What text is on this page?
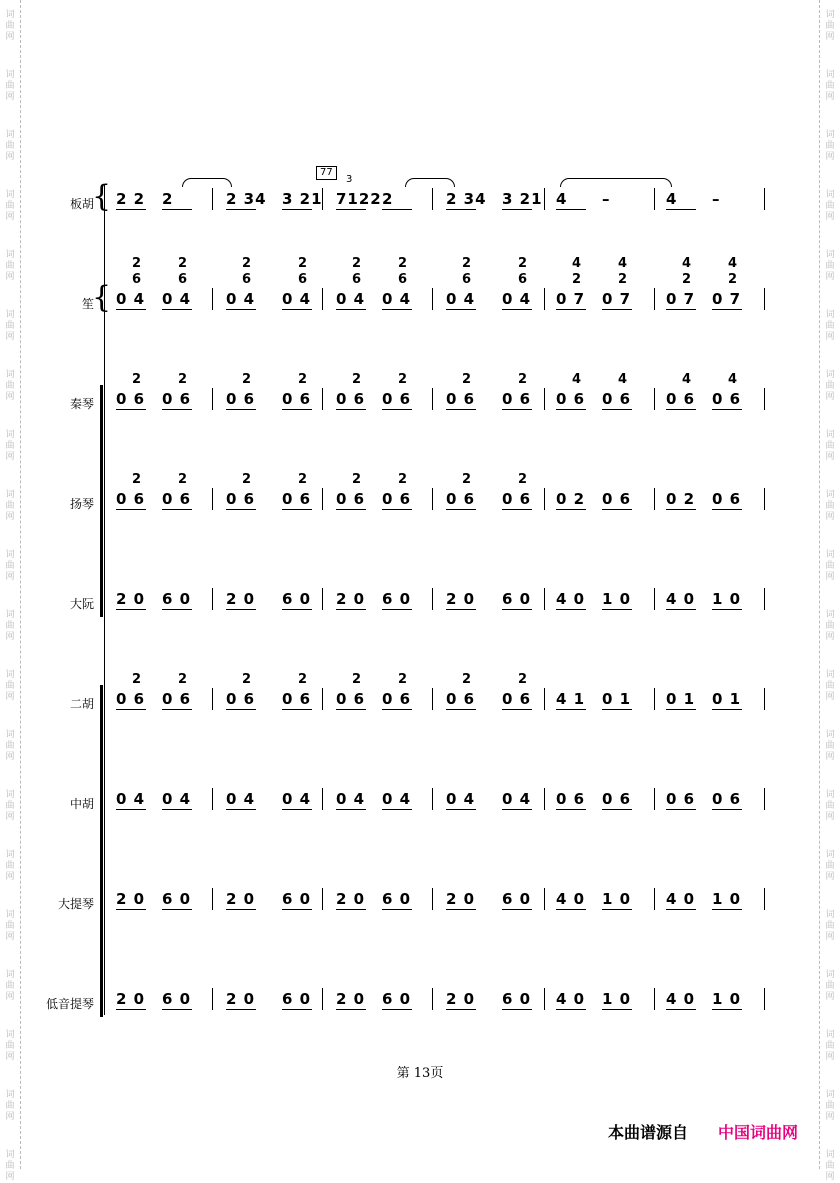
词
曲
网
词
曲
网
词
曲
网
词
曲
网
词
曲
网
词
曲
网
词
曲
网
词
曲
网
词
曲
网
词
曲
网
词
曲
网
词
曲
网
词
曲
网
词
曲
网
词
曲
网
词
曲
网
词
曲
网
词
曲
网
词
曲
网
词
曲
网
词
曲
网
词
曲
网
词
曲
网
词
曲
网
词
曲
网
词
曲
网
词
曲
网
词
曲
网
词
曲
网
词
曲
网
词
曲
网
词
曲
网
词
曲
网
词
曲
网
词
曲
网
词
曲
网
词
曲
网
词
曲
网
词
曲
网
词
曲
网
77
3
{
{
板胡 2 2 2	2 34 3 21 7122 2	2 34 3 21 4 –	4 –
笙 0 4 0 4 0 4 0 4 0 4 0 4 0 4 0 4 0 7 0 7 0 7 0 7
2
6
2
6
2
6
2
6
2
6
2
6
2
6
2
6
4
2
4
2
4
2
4
2
秦琴 0 6 0 6 0 6 0 6 0 6 0 6 0 6 0 6 0 6 0 6 0 6 0 6
2	2	2	2	2	2	2	2	4	4	4	4
扬琴 0 6 0 6 0 6 0 6 0 6 0 6 0 6 0 6 0 2 0 6 0 2 0 6
2	2	2	2	2	2	2	2
大阮 2 0 6 0 2 0 6 0 2 0 6 0 2 0 6 0 4 0 1 0 4 0 1 0
二胡 0 6 0 6 0 6 0 6 0 6 0 6 0 6 0 6 4 1 0 1 0 1 0 1
2	2	2	2	2	2	2	2
中胡 0 4 0 4 0 4 0 4 0 4 0 4 0 4 0 4 0 6 0 6 0 6 0 6
大提琴 2 0 6 0 2 0 6 0 2 0 6 0 2 0 6 0 4 0 1 0 4 0 1 0
低音提琴 2 0 6 0 2 0 6 0 2 0 6 0 2 0 6 0 4 0 1 0 4 0 1 0
第 13页
本曲谱源自 中国词曲网
